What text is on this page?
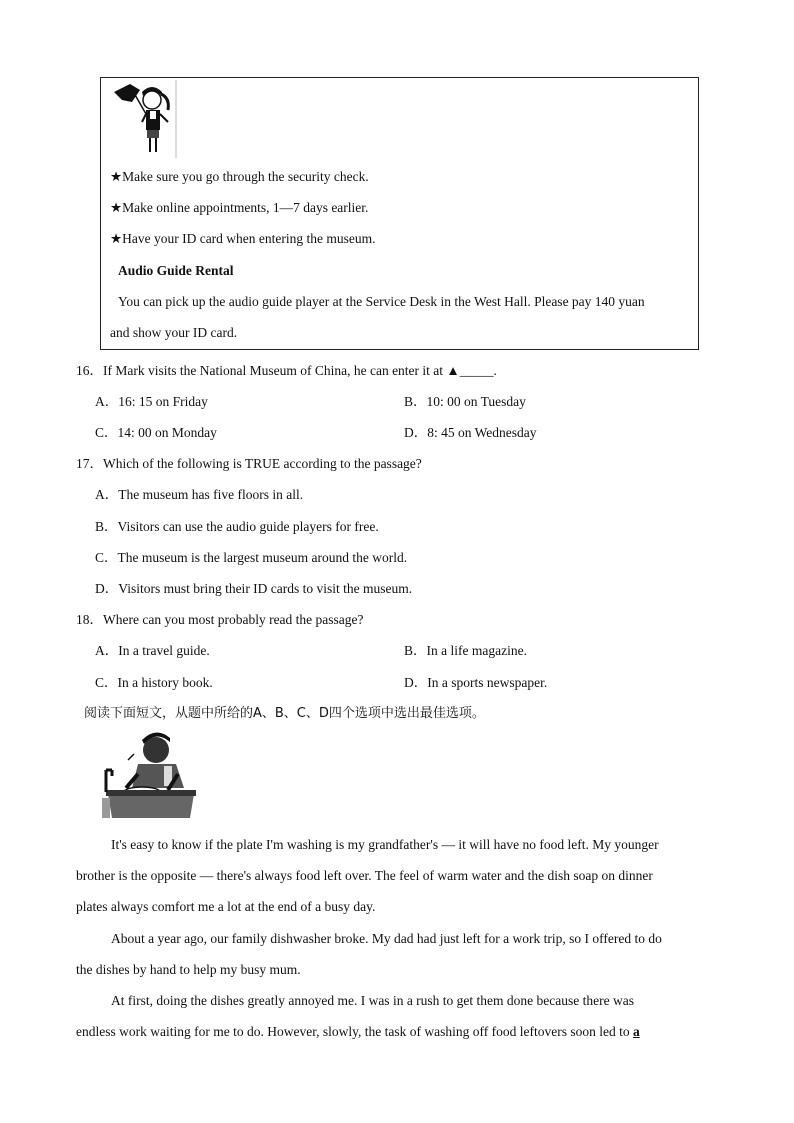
★Make sure you go through the security check.
★Make online appointments, 1—7 days earlier.
★Have your ID card when entering the museum.
Audio Guide Rental
You can pick up the audio guide player at the Service Desk in the West Hall. Please pay 140 yuan
and show your ID card.
16．If Mark visits the National Museum of China, he can enter it at ▲_____.
A．16: 15 on Friday	B．10: 00 on Tuesday
C．14: 00 on Monday	D．8: 45 on Wednesday
17．Which of the following is TRUE according to the passage?
A．The museum has five floors in all.
B．Visitors can use the audio guide players for free.
C．The museum is the largest museum around the world.
D．Visitors must bring their ID cards to visit the museum.
18．Where can you most probably read the passage?
A．In a travel guide.	B．In a life magazine.
C．In a history book.	D．In a sports newspaper.
阅读下面短文，从题中所给的A、B、C、D四个选项中选出最佳选项。
It's easy to know if the plate I'm washing is my grandfather's — it will have no food left. My younger
brother is the opposite — there's always food left over. The feel of warm water and the dish soap on dinner
plates always comfort me a lot at the end of a busy day.
About a year ago, our family dishwasher broke. My dad had just left for a work trip, so I offered to do
the dishes by hand to help my busy mum.
At first, doing the dishes greatly annoyed me. I was in a rush to get them done because there was
endless work waiting for me to do. However, slowly, the task of washing off food leftovers soon led to a
